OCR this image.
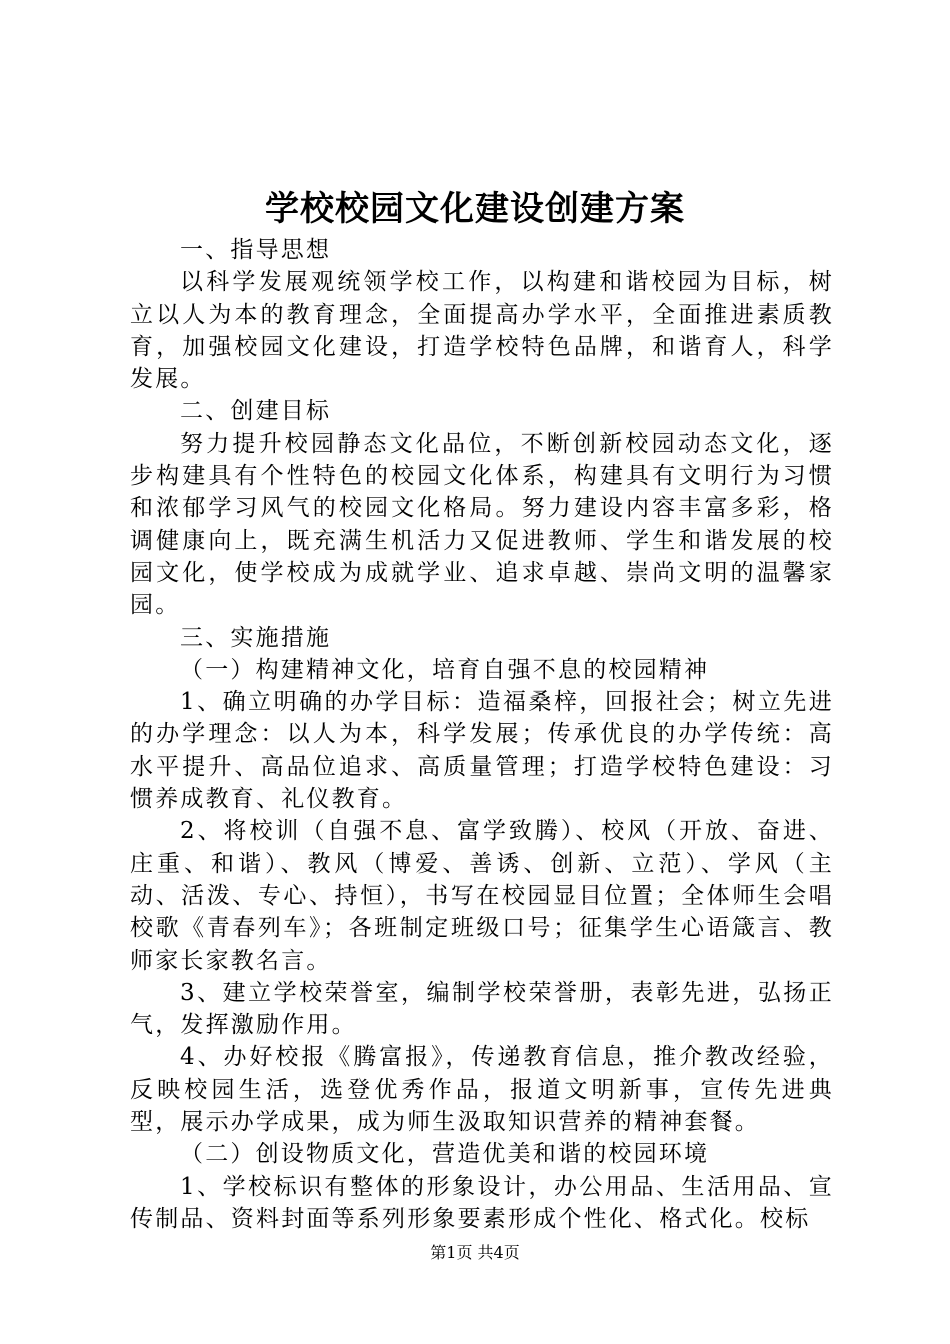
学校校园文化建设创建方案

一、指导思想

以科学发展观统领学校工作，以构建和谐校园为目标，树立以人为本的教育理念，全面提高办学水平，全面推进素质教育，加强校园文化建设，打造学校特色品牌，和谐育人，科学发展。

二、创建目标

努力提升校园静态文化品位，不断创新校园动态文化，逐步构建具有个性特色的校园文化体系，构建具有文明行为习惯和浓郁学习风气的校园文化格局。努力建设内容丰富多彩，格调健康向上，既充满生机活力又促进教师、学生和谐发展的校园文化，使学校成为成就学业、追求卓越、崇尚文明的温馨家园。

三、实施措施

（一）构建精神文化，培育自强不息的校园精神

1、确立明确的办学目标：造福桑梓，回报社会；树立先进的办学理念：以人为本，科学发展；传承优良的办学传统：高水平提升、高品位追求、高质量管理；打造学校特色建设：习惯养成教育、礼仪教育。

2、将校训（自强不息、富学致腾）、校风（开放、奋进、庄重、和谐）、教风（博爱、善诱、创新、立范）、学风（主动、活泼、专心、持恒），书写在校园显目位置；全体师生会唱校歌《青春列车》；各班制定班级口号；征集学生心语箴言、教师家长家教名言。

3、建立学校荣誉室，编制学校荣誉册，表彰先进，弘扬正气，发挥激励作用。

4、办好校报《腾富报》，传递教育信息，推介教改经验，反映校园生活，选登优秀作品，报道文明新事，宣传先进典型，展示办学成果，成为师生汲取知识营养的精神套餐。

（二）创设物质文化，营造优美和谐的校园环境

1、学校标识有整体的形象设计，办公用品、生活用品、宣传制品、资料封面等系列形象要素形成个性化、格式化。校标

第1页 共4页
